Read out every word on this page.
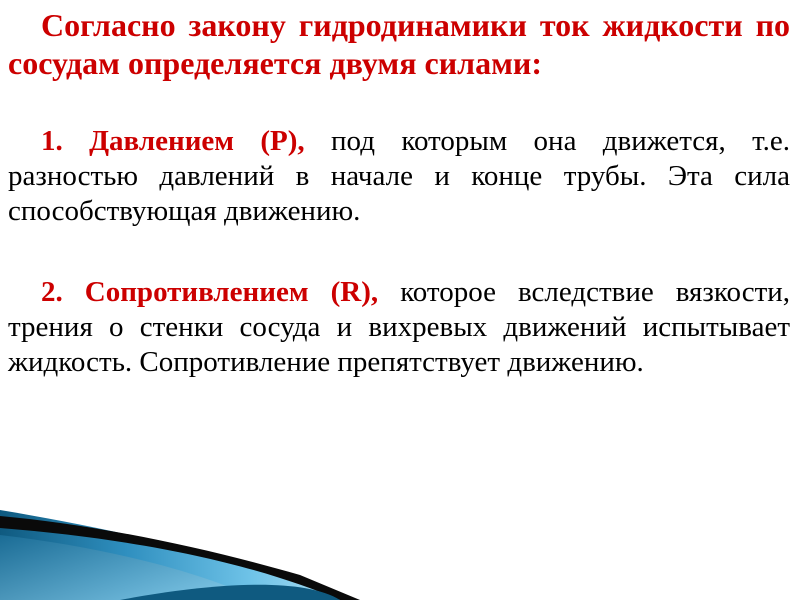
Согласно закону гидродинамики ток жидкости по сосудам определяется двумя силами:

1. Давлением (Р), под которым она движется, т.е. разностью давлений в начале и конце трубы. Эта сила способствующая движению.

2. Сопротивлением (R), которое вследствие вязкости, трения о стенки сосуда и вихревых движений испытывает жидкость. Сопротивление препятствует движению.
